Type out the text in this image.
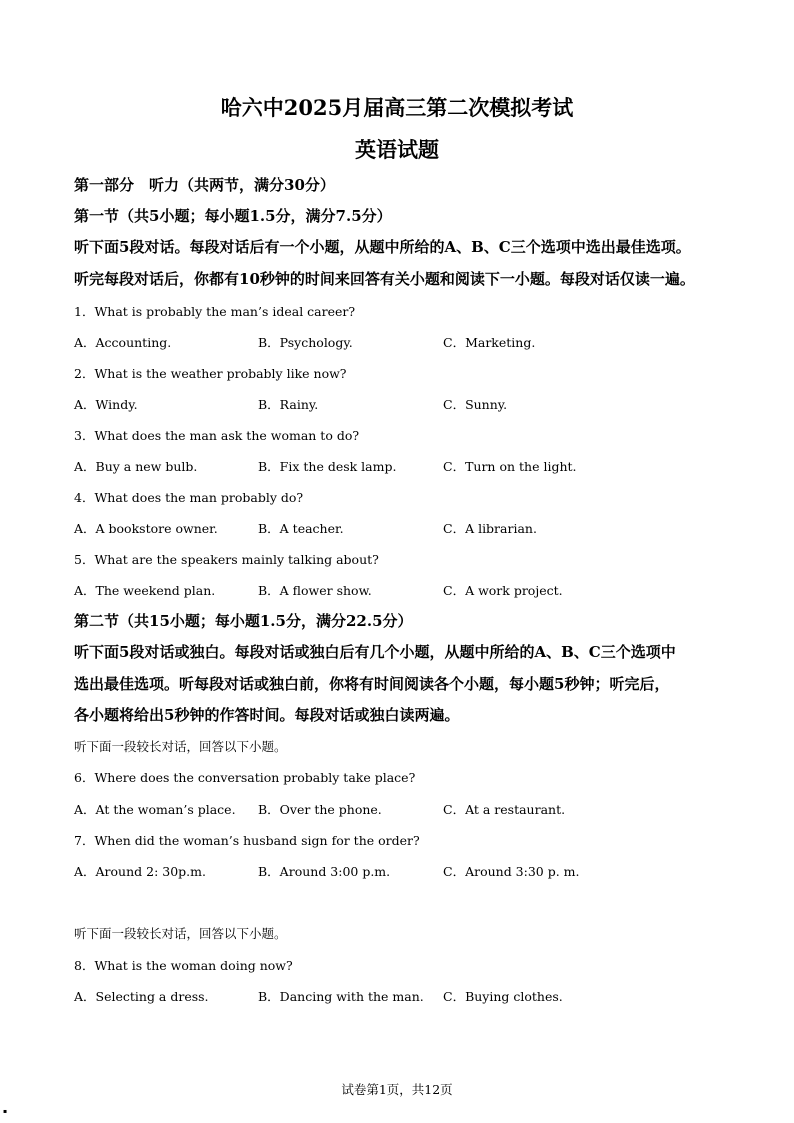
哈六中2025月届高三第二次模拟考试
英语试题
第一部分　听力（共两节，满分30分）
第一节（共5小题；每小题1.5分，满分7.5分）
听下面5段对话。每段对话后有一个小题，从题中所给的A、B、C三个选项中选出最佳选项。
听完每段对话后，你都有10秒钟的时间来回答有关小题和阅读下一小题。每段对话仅读一遍。
1．What is probably the man’s ideal career?
A．Accounting.	B．Psychology.	C．Marketing.
2．What is the weather probably like now?
A．Windy.	B．Rainy.	C．Sunny.
3．What does the man ask the woman to do?
A．Buy a new bulb.	B．Fix the desk lamp.	C．Turn on the light.
4．What does the man probably do?
A．A bookstore owner.	B．A teacher.	C．A librarian.
5．What are the speakers mainly talking about?
A．The weekend plan.	B．A flower show.	C．A work project.
第二节（共15小题；每小题1.5分，满分22.5分）
听下面5段对话或独白。每段对话或独白后有几个小题，从题中所给的A、B、C三个选项中
选出最佳选项。听每段对话或独白前，你将有时间阅读各个小题，每小题5秒钟；听完后，
各小题将给出5秒钟的作答时间。每段对话或独白读两遍。
听下面一段较长对话，回答以下小题。
6．Where does the conversation probably take place?
A．At the woman’s place. B．Over the phone.	C．At a restaurant.
7．When did the woman’s husband sign for the order?
A．Around 2: 30p.m.	B．Around 3:00 p.m.	C．Around 3:30 p. m.
听下面一段较长对话，回答以下小题。
8．What is the woman doing now?
A．Selecting a dress.	B．Dancing with the man. C．Buying clothes.
试卷第1页，共12页
▪
